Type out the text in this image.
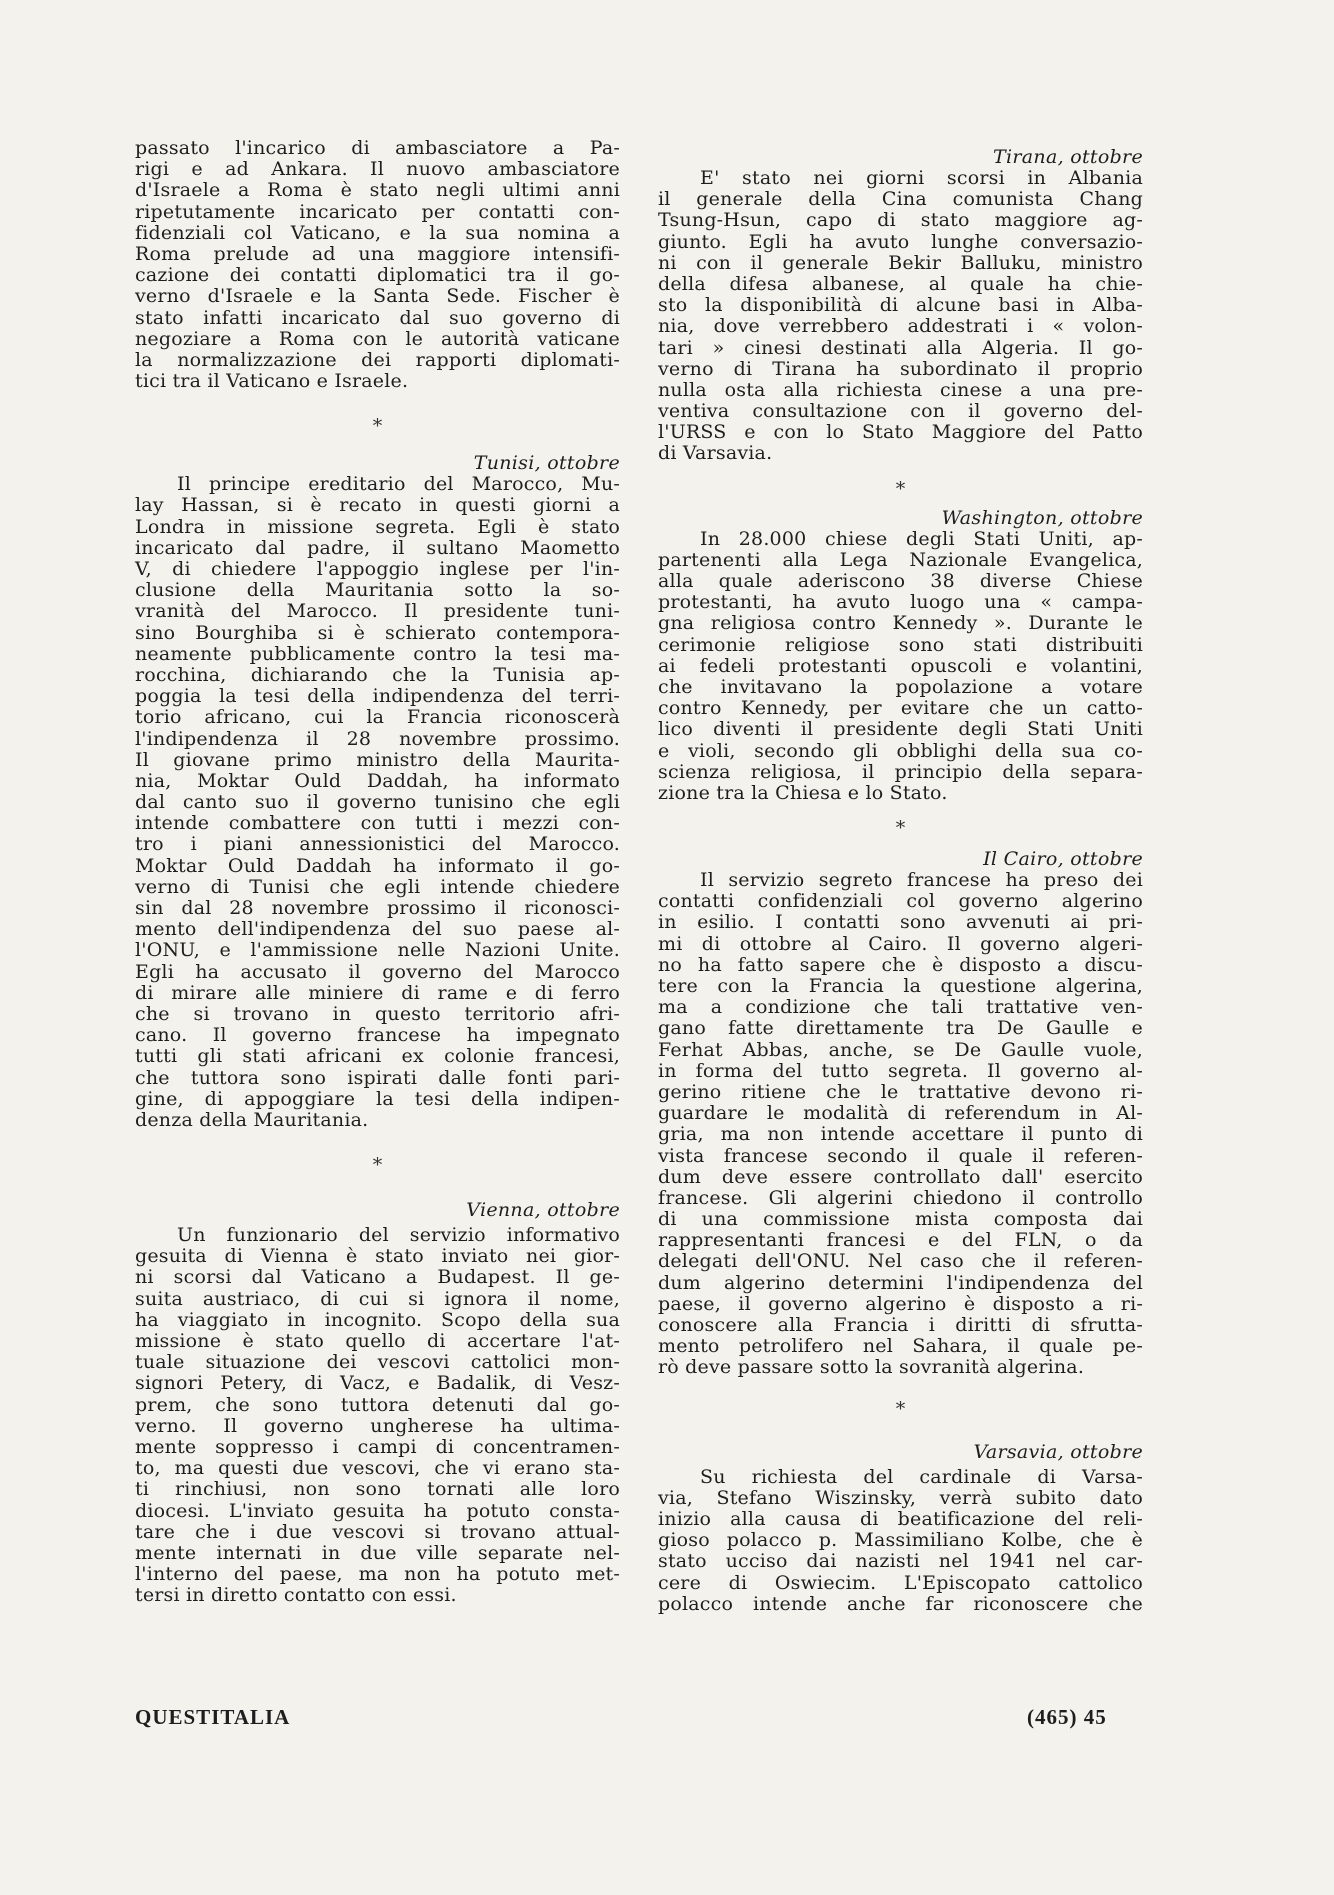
passato l'incarico di ambasciatore a Pa-
rigi e ad Ankara. Il nuovo ambasciatore
d'Israele a Roma è stato negli ultimi anni
ripetutamente incaricato per contatti con-
fidenziali col Vaticano, e la sua nomina a
Roma prelude ad una maggiore intensifi-
cazione dei contatti diplomatici tra il go-
verno d'Israele e la Santa Sede. Fischer è
stato infatti incaricato dal suo governo di
negoziare a Roma con le autorità vaticane
la normalizzazione dei rapporti diplomati-
tici tra il Vaticano e Israele.
*
Tunisi, ottobre
Il principe ereditario del Marocco, Mu-
lay Hassan, si è recato in questi giorni a
Londra in missione segreta. Egli è stato
incaricato dal padre, il sultano Maometto
V, di chiedere l'appoggio inglese per l'in-
clusione della Mauritania sotto la so-
vranità del Marocco. Il presidente tuni-
sino Bourghiba si è schierato contempora-
neamente pubblicamente contro la tesi ma-
rocchina, dichiarando che la Tunisia ap-
poggia la tesi della indipendenza del terri-
torio africano, cui la Francia riconoscerà
l'indipendenza il 28 novembre prossimo.
Il giovane primo ministro della Maurita-
nia, Moktar Ould Daddah, ha informato
dal canto suo il governo tunisino che egli
intende combattere con tutti i mezzi con-
tro i piani annessionistici del Marocco.
Moktar Ould Daddah ha informato il go-
verno di Tunisi che egli intende chiedere
sin dal 28 novembre prossimo il riconosci-
mento dell'indipendenza del suo paese al-
l'ONU, e l'ammissione nelle Nazioni Unite.
Egli ha accusato il governo del Marocco
di mirare alle miniere di rame e di ferro
che si trovano in questo territorio afri-
cano. Il governo francese ha impegnato
tutti gli stati africani ex colonie francesi,
che tuttora sono ispirati dalle fonti pari-
gine, di appoggiare la tesi della indipen-
denza della Mauritania.
*
Vienna, ottobre
Un funzionario del servizio informativo
gesuita di Vienna è stato inviato nei gior-
ni scorsi dal Vaticano a Budapest. Il ge-
suita austriaco, di cui si ignora il nome,
ha viaggiato in incognito. Scopo della sua
missione è stato quello di accertare l'at-
tuale situazione dei vescovi cattolici mon-
signori Petery, di Vacz, e Badalik, di Vesz-
prem, che sono tuttora detenuti dal go-
verno. Il governo ungherese ha ultima-
mente soppresso i campi di concentramen-
to, ma questi due vescovi, che vi erano sta-
ti rinchiusi, non sono tornati alle loro
diocesi. L'inviato gesuita ha potuto consta-
tare che i due vescovi si trovano attual-
mente internati in due ville separate nel-
l'interno del paese, ma non ha potuto met-
tersi in diretto contatto con essi.
Tirana, ottobre
E' stato nei giorni scorsi in Albania
il generale della Cina comunista Chang
Tsung-Hsun, capo di stato maggiore ag-
giunto. Egli ha avuto lunghe conversazio-
ni con il generale Bekir Balluku, ministro
della difesa albanese, al quale ha chie-
sto la disponibilità di alcune basi in Alba-
nia, dove verrebbero addestrati i « volon-
tari » cinesi destinati alla Algeria. Il go-
verno di Tirana ha subordinato il proprio
nulla osta alla richiesta cinese a una pre-
ventiva consultazione con il governo del-
l'URSS e con lo Stato Maggiore del Patto
di Varsavia.
*
Washington, ottobre
In 28.000 chiese degli Stati Uniti, ap-
partenenti alla Lega Nazionale Evangelica,
alla quale aderiscono 38 diverse Chiese
protestanti, ha avuto luogo una « campa-
gna religiosa contro Kennedy ». Durante le
cerimonie religiose sono stati distribuiti
ai fedeli protestanti opuscoli e volantini,
che invitavano la popolazione a votare
contro Kennedy, per evitare che un catto-
lico diventi il presidente degli Stati Uniti
e violi, secondo gli obblighi della sua co-
scienza religiosa, il principio della separa-
zione tra la Chiesa e lo Stato.
*
Il Cairo, ottobre
Il servizio segreto francese ha preso dei
contatti confidenziali col governo algerino
in esilio. I contatti sono avvenuti ai pri-
mi di ottobre al Cairo. Il governo algeri-
no ha fatto sapere che è disposto a discu-
tere con la Francia la questione algerina,
ma a condizione che tali trattative ven-
gano fatte direttamente tra De Gaulle e
Ferhat Abbas, anche, se De Gaulle vuole,
in forma del tutto segreta. Il governo al-
gerino ritiene che le trattative devono ri-
guardare le modalità di referendum in Al-
gria, ma non intende accettare il punto di
vista francese secondo il quale il referen-
dum deve essere controllato dall' esercito
francese. Gli algerini chiedono il controllo
di una commissione mista composta dai
rappresentanti francesi e del FLN, o da
delegati dell'ONU. Nel caso che il referen-
dum algerino determini l'indipendenza del
paese, il governo algerino è disposto a ri-
conoscere alla Francia i diritti di sfrutta-
mento petrolifero nel Sahara, il quale pe-
rò deve passare sotto la sovranità algerina.
*
Varsavia, ottobre
Su richiesta del cardinale di Varsa-
via, Stefano Wiszinsky, verrà subito dato
inizio alla causa di beatificazione del reli-
gioso polacco p. Massimiliano Kolbe, che è
stato ucciso dai nazisti nel 1941 nel car-
cere di Oswiecim. L'Episcopato cattolico
polacco intende anche far riconoscere che
QUESTITALIA	(465) 45
